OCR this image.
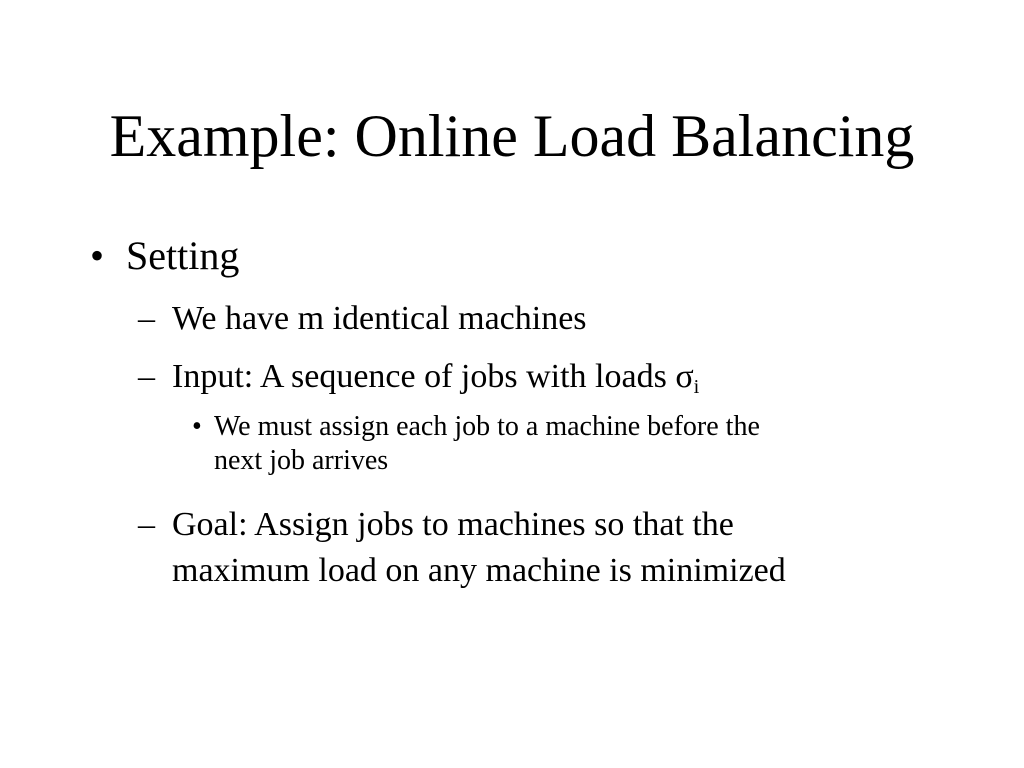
Example: Online Load Balancing
• Setting
– We have m identical machines
– Input: A sequence of jobs with loads $\sigma_i$
• We must assign each job to a machine before the
next job arrives
– Goal: Assign jobs to machines so that the
maximum load on any machine is minimized
